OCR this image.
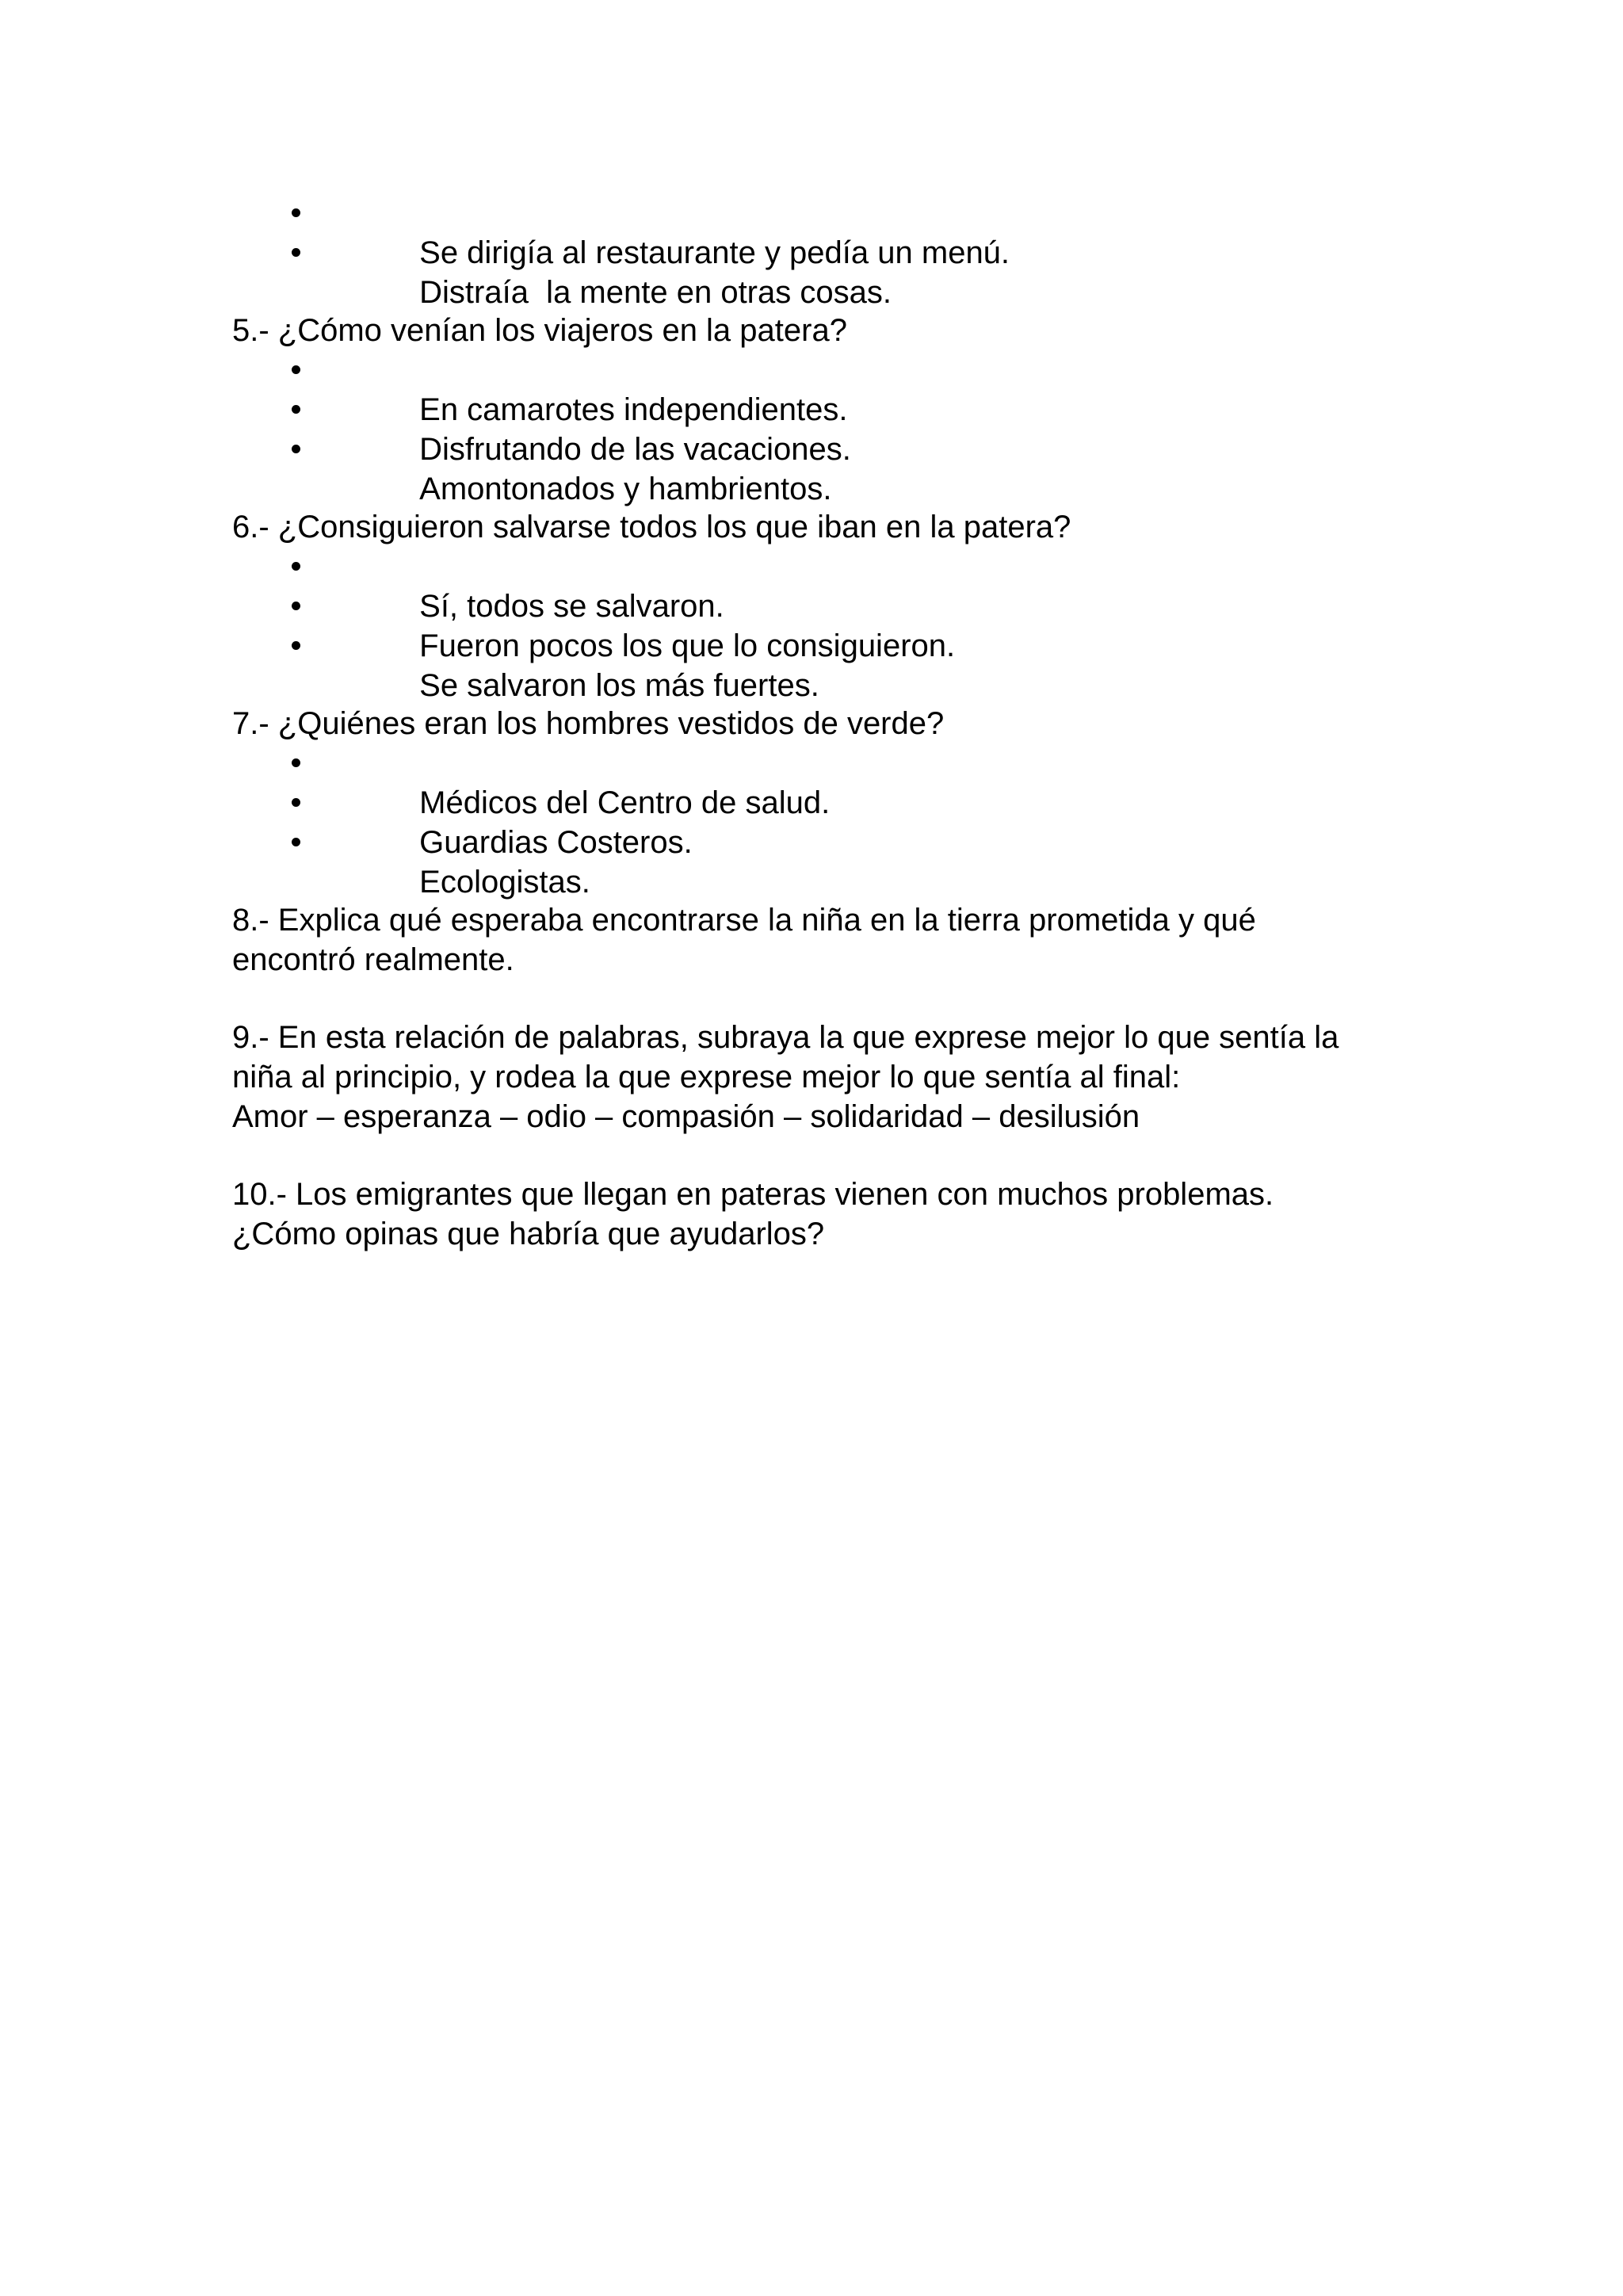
Se dirigía al restaurante y pedía un menú.

Distraía  la mente en otras cosas.

5.- ¿Cómo venían los viajeros en la patera?

En camarotes independientes.

Disfrutando de las vacaciones.

Amontonados y hambrientos.

6.- ¿Consiguieron salvarse todos los que iban en la patera?

Sí, todos se salvaron.

Fueron pocos los que lo consiguieron.

Se salvaron los más fuertes.

7.- ¿Quiénes eran los hombres vestidos de verde?

Médicos del Centro de salud.

Guardias Costeros.

Ecologistas.

8.- Explica qué esperaba encontrarse la niña en la tierra prometida y qué
encontró realmente.
9.- En esta relación de palabras, subraya la que exprese mejor lo que sentía la
niña al principio, y rodea la que exprese mejor lo que sentía al final:
Amor – esperanza – odio – compasión – solidaridad – desilusión
10.- Los emigrantes que llegan en pateras vienen con muchos problemas.
¿Cómo opinas que habría que ayudarlos?
